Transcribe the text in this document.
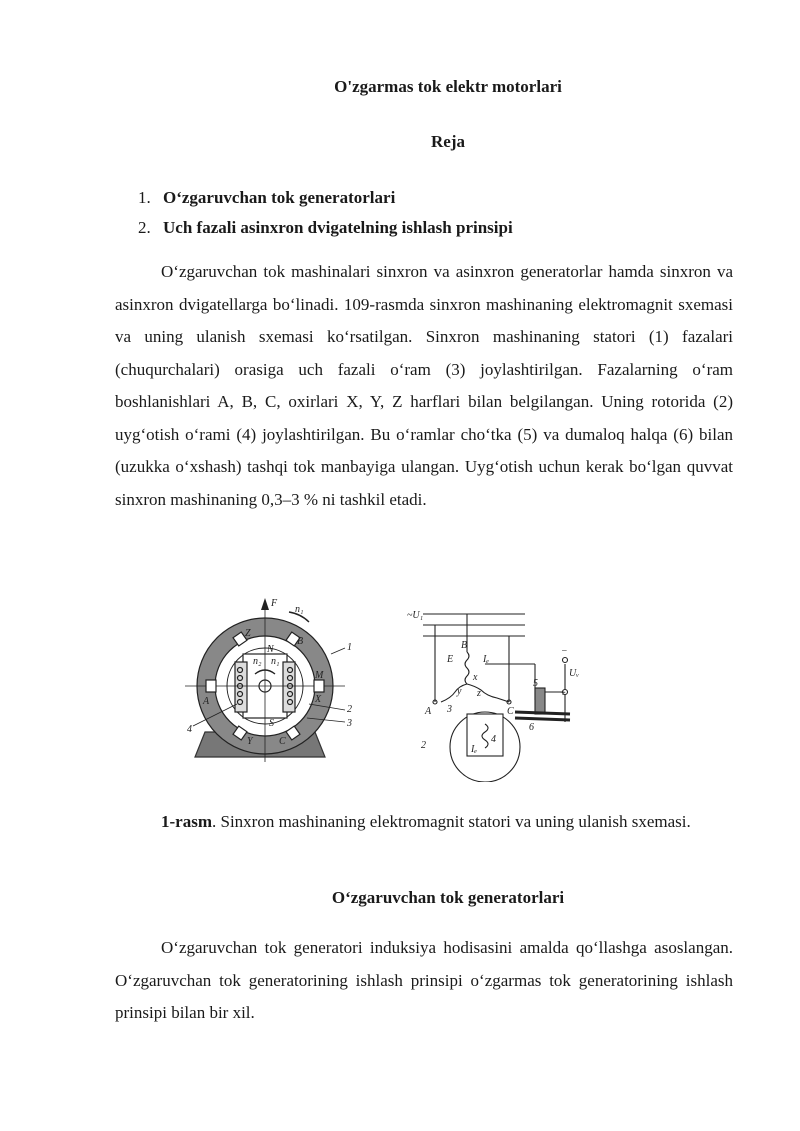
O'zgarmas tok elektr motorlari
Reja
1. O‘zgaruvchan tok generatorlari
2. Uch fazali asinxron dvigatelning ishlash prinsipi

O‘zgaruvchan tok mashinalari sinxron va asinxron generatorlar hamda sinxron va asinxron dvigatellarga bo‘linadi. 109-rasmda sinxron mashinaning elektromagnit sxemasi va uning ulanish sxemasi ko‘rsatilgan. Sinxron mashinaning statori (1) fazalari (chuqurchalari) orasiga uch fazali o‘ram (3) joylashtirilgan. Fazalarning o‘ram boshlanishlari A, B, C, oxirlari X, Y, Z harflari bilan belgilangan. Uning rotorida (2) uyg‘otish o‘rami (4) joylashtirilgan. Bu o‘ramlar cho‘tka (5) va dumaloq halqa (6) bilan (uzukka o‘xshash) tashqi tok manbayiga ulangan. Uyg‘otish uchun kerak bo‘lgan quvvat sinxron mashinaning 0,3–3 % ni tashkil etadi.

F
n₁
Z
B
N
n₂ n₁
M
X
A
S
Y	C
1
2
3
4
~U₁
B
E	Iₑ
x
y z
A 3	C
5
6
2	Iₑ
4
−
Uᵥ
+

1-rasm. Sinxron mashinaning elektromagnit statori va uning ulanish sxemasi.

O‘zgaruvchan tok generatorlari

O‘zgaruvchan tok generatori induksiya hodisasini amalda qo‘llashga asoslangan. O‘zgaruvchan tok generatorining ishlash prinsipi o‘zgarmas tok generatorining ishlash prinsipi bilan bir xil.
